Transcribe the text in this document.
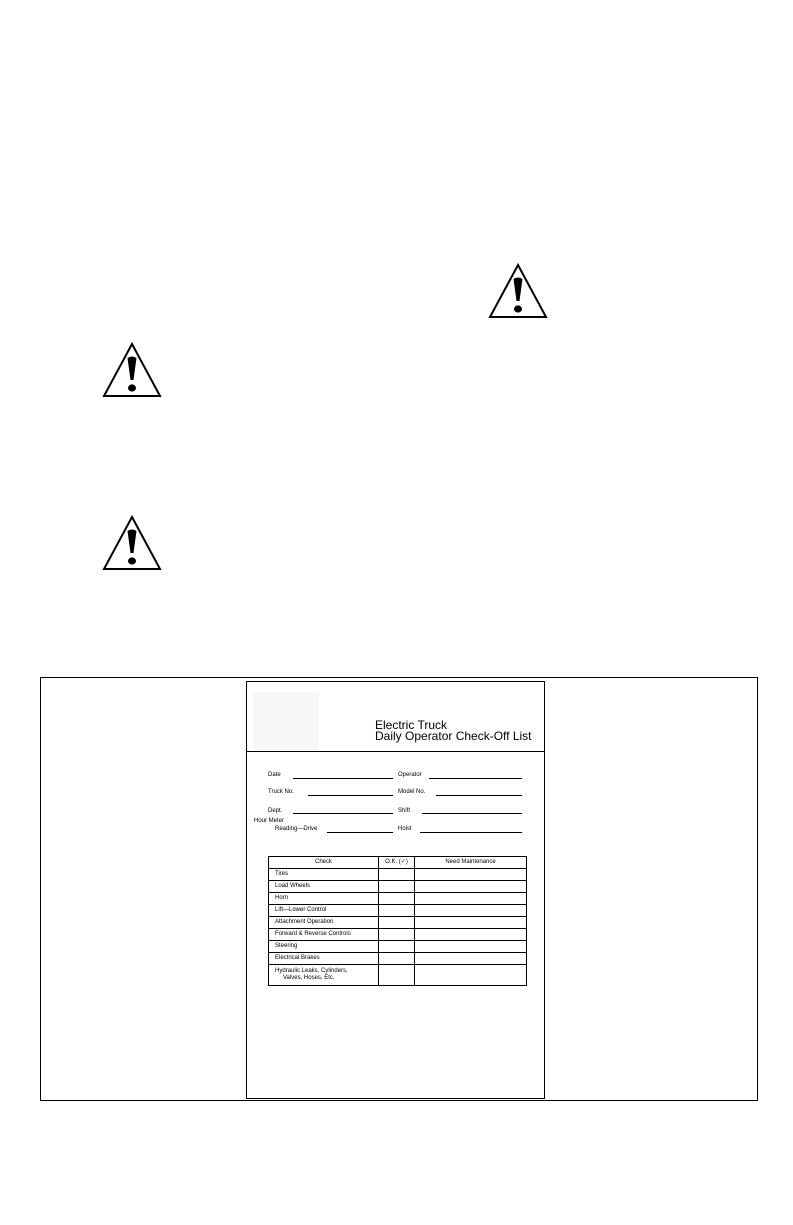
Electric Truck
Daily Operator Check-Off List
Date	Operator
Truck No.	Model No.
Dept.	Shift
Hour Meter
Reading—Drive	Hoist
Check	O.K. (✓)	Need Maintenance
Tires		
Load Wheels		
Horn		
Lift—Lower Control		
Attachment Operation		
Forward & Reverse Controls		
Steering		
Electrical Brakes		
Hydraulic Leaks, Cylinders,
Valves, Hoses, Etc.		
